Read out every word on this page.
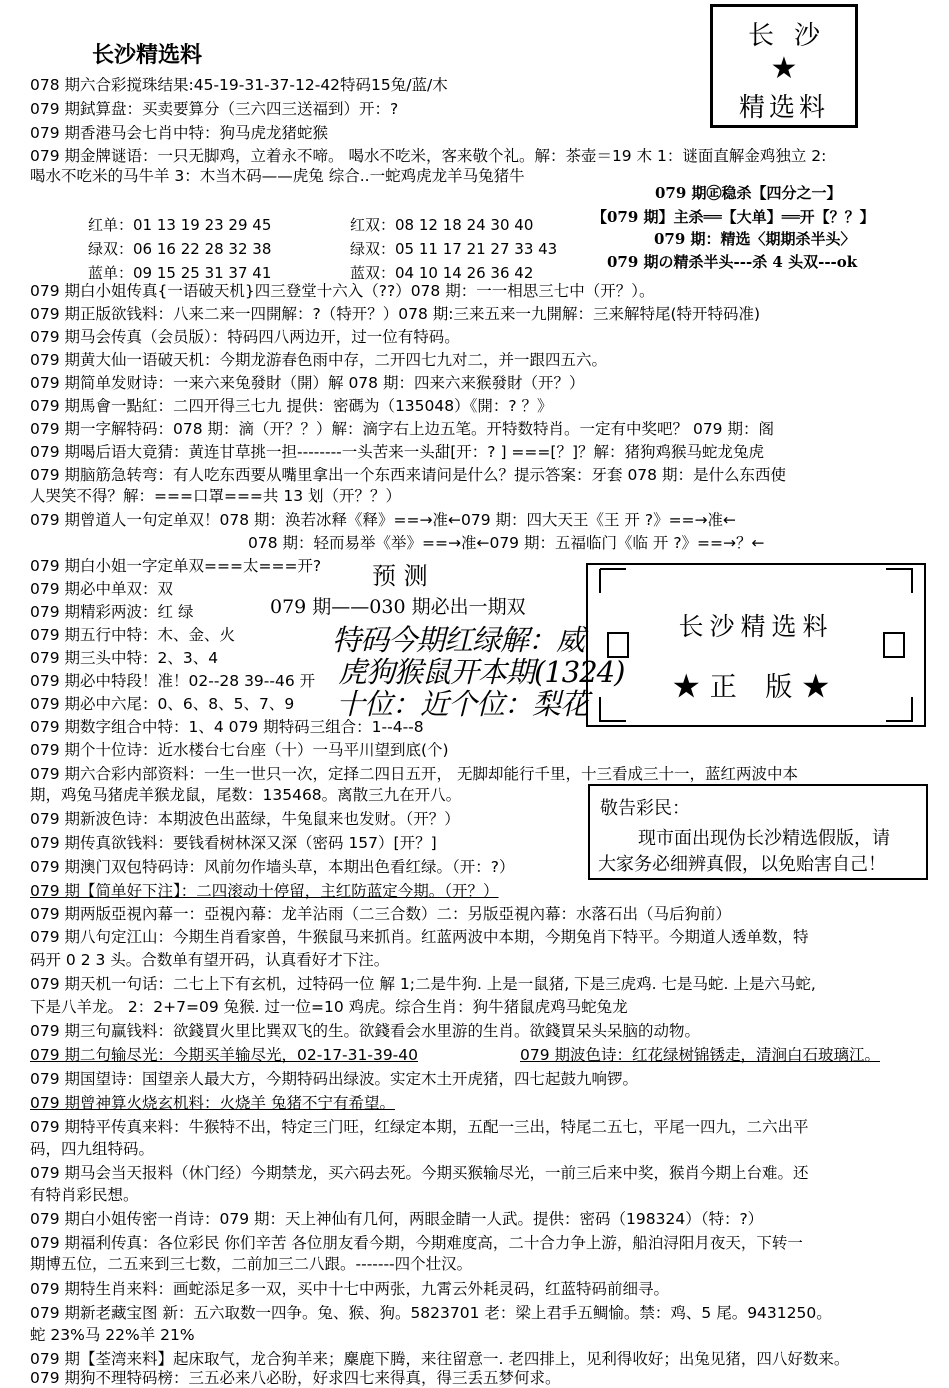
长沙精选料
长沙
★
精选料
078 期六合彩搅珠结果:45-19-31-37-12-42特码15兔/蓝/木
079 期鉽算盘：买卖要算分（三六四三送福到）开：?
079 期香港马会七肖中特：狗马虎龙猪蛇猴
079 期金牌谜语：一只无脚鸡，立着永不啼。 喝水不吃米，客来敬个礼。解：茶壶＝19 木 1：谜面直解金鸡独立 2:
喝水不吃米的马牛羊 3：木当木码——虎兔 综合..一蛇鸡虎龙羊马兔猪牛
079 期㊣稳杀【四分之一】
【079 期】主杀══【大单】══开【？？】
079 期：精选〈期期杀半头〉
079 期の精杀半头---杀 4 头双---ok
红单：01 13 19 23 29 45	红双：08 12 18 24 30 40
绿双：06 16 22 28 32 38	绿双：05 11 17 21 27 33 43
蓝单：09 15 25 31 37 41	蓝双：04 10 14 26 36 42
079 期白小姐传真{一语破天机}四三登堂十六入（??）078 期：一一相思三七中（开？）。
079 期正版欲钱料：八来二来一四開解：?（特开？）078 期:三来五来一九開解：三来解特尾(特开特码准)
079 期马会传真（会员版）：特码四八两边开，过一位有特码。
079 期黄大仙一语破天机：今期龙游春色雨中存，二开四七九对二，并一跟四五六。
079 期简单发财诗：一来六来兔發財（開）解 078 期：四来六来猴發財（开？）
079 期馬會一點紅：二四开得三七九 提供：密碼为（135048）《開：? ？》
079 期一字解特码：078 期：滴（开？？）解：滴字右上边五笔。开特数特肖。一定有中奖吧？ 079 期：阁
079 期喝后语大竟猜：黄连甘草挑一担--------一头苦来一头甜[开：? ] ===[？]？解：猪狗鸡猴马蛇龙兔虎
079 期脑筋急转弯：有人吃东西要从嘴里拿出一个东西来请问是什么？提示答案：牙套 078 期：是什么东西使
人哭笑不得？解：===口罩===共 13 划（开？？）
079 期曾道人一句定单双！078 期：涣若冰释《释》==→准←079 期：四大天王《王 开 ?》==→准←
078 期：轻而易举《举》==→准←079 期：五福临门《临 开 ?》==→？←
079 期白小姐一字定单双===太===开?
079 期必中单双：双
079 期精彩两波：红 绿
079 期五行中特：木、金、火
079 期三头中特：2、3、4
079 期必中特段！准！02--28 39--46 开
079 期必中六尾：0、6、8、5、7、9
079 期数字组合中特：1、4 079 期特码三组合：1--4--8
079 期个十位诗：近水楼台七台座（十）一马平川望到底(个)
预 测
079 期——030 期必出一期双
特码今期红绿解：威
虎狗猴鼠开本期(1324)
十位：近个位：梨花
长沙精选料
★正 版★
敬告彩民：
现市面出现伪长沙精选假版，请
大家务必细辨真假，以免贻害自己！
079 期六合彩内部资料：一生一世只一次，定择二四日五开， 无脚却能行千里，十三看成三十一，蓝红两波中本
期，鸡兔马猪虎羊猴龙鼠，尾数：135468。离散三九在开八。
079 期新波色诗：本期波色出蓝绿，牛兔鼠来也发财。（开？）
079 期传真欲钱料：要钱看树林深又深（密码 157）[开？]
079 期澳门双包特码诗：风前勿作墙头草，本期出色看红绿。（开：?）
079 期【简单好下注】：二四滚动十停留，主红防蓝定今期。（开？）
079 期两版亞視內幕一：亞視內幕：龙羊沾雨（二三合数）二：另版亞視內幕：水落石出（马后狗前）
079 期八句定江山：今期生肖看家兽，牛猴鼠马来抓肖。红蓝两波中本期，今期兔肖下特平。今期道人透单数，特
码开 0 2 3 头。合数单有望开码，认真看好才下注。
079 期天机一句话：二七上下有玄机，过特码一位 解 1;二是牛狗. 上是一鼠猪, 下是三虎鸡. 七是马蛇. 上是六马蛇,
下是八羊龙。 2：2+7=09 兔猴. 过一位=10 鸡虎。综合生肖：狗牛猪鼠虎鸡马蛇兔龙
079 期三句赢钱料：欲錢買火里比巽双飞的生。欲錢看会水里游的生肖。欲錢買呆头呆脑的动物。
079 期二句输尽光：今期买羊输尽光，02-17-31-39-40	079 期波色诗：红花绿树锦锈走，清涧白石玻璃江。
079 期国望诗：国望亲人最大方，今期特码出绿波。实定木土开虎猪，四七起鼓九响锣。
079 期曾神算火烧玄机料：火烧羊 兔猪不宁有希望。
079 期特平传真来料：牛猴特不出，特定三门旺，红绿定本期，五配一三出，特尾二五七，平尾一四九，二六出平
码，四九组特码。
079 期马会当天报料（休门经）今期禁龙，买六码去死。今期买猴输尽光，一前三后来中奖，猴肖今期上台难。还
有特肖彩民想。
079 期白小姐传密一肖诗：079 期：天上神仙有几何，两眼金睛一人武。提供：密码（198324）（特：?）
079 期福利传真：各位彩民 你们辛苦 各位朋友看今期，今期难度高，二十合力争上游，船泊浔阳月夜天，下转一
期博五位，二五来到三七数，二前加三二八跟。-------四个壮汉。
079 期特生肖来料：画蛇添足多一双，买中十七中两张，九霄云外耗灵码，红蓝特码前细寻。
079 期新老藏宝图 新：五六取数一四争。兔、猴、狗。5823701 老：梁上君手五鲷愉。禁：鸡、5 尾。9431250。
蛇 23%马 22%羊 21%
079 期【荃湾来料】起床取气，龙合狗羊来；麋鹿下腾，来往留意一. 老四排上，见利得收好；出兔见猪，四八好数来。
079 期狗不理特码榜：三五必来八必盼，好求四七来得真，得三丢五梦何求。
